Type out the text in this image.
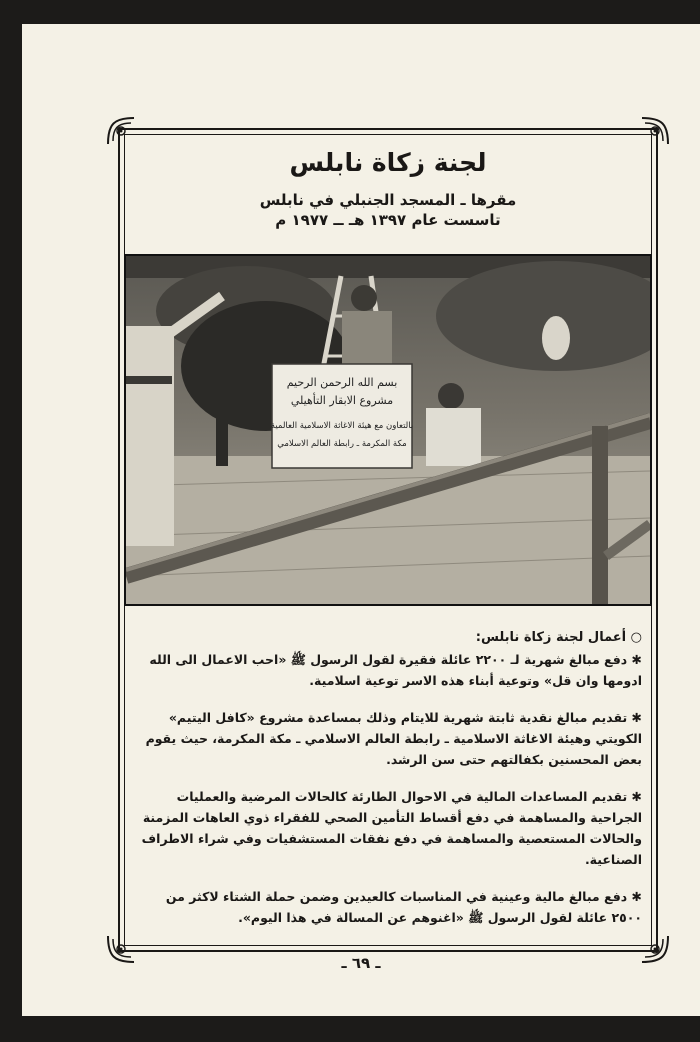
لجنة زكاة نابلس
مقرها ـ المسجد الجنبلي في نابلس
تاسست عام ١٣٩٧ هـ ــ ١٩٧٧ م
بسم الله الرحمن الرحيم
مشروع الابقار التأهيلي
بالتعاون مع هيئة الاغاثة الاسلامية العالمية
مكة المكرمة ـ رابطة العالم الاسلامي
○ أعمال لجنة زكاة نابلس:

✱ دفع مبالغ شهرية لـ ٢٢٠٠ عائلة فقيرة لقول الرسول ﷺ «احب الاعمال الى الله ادومها وان قل» وتوعية أبناء هذه الاسر توعية اسلامية.

✱ تقديم مبالغ نقدية ثابتة شهرية للايتام وذلك بمساعدة مشروع «كافل اليتيم» الكويتي وهيئة الاغاثة الاسلامية ـ رابطة العالم الاسلامي ـ مكة المكرمة، حيث يقوم بعض المحسنين بكفالتهم حتى سن الرشد.

✱ تقديم المساعدات المالية في الاحوال الطارئة كالحالات المرضية والعمليات الجراحية والمساهمة في دفع أقساط التأمين الصحي للفقراء ذوي العاهات المزمنة والحالات المستعصية والمساهمة في دفع نفقات المستشفيات وفي شراء الاطراف الصناعية.

✱ دفع مبالغ مالية وعينية في المناسبات كالعيدين وضمن حملة الشتاء لاكثر من ٢٥٠٠ عائلة لقول الرسول ﷺ «اغنوهم عن المسالة في هذا اليوم».

ـ ٦٩ ـ
